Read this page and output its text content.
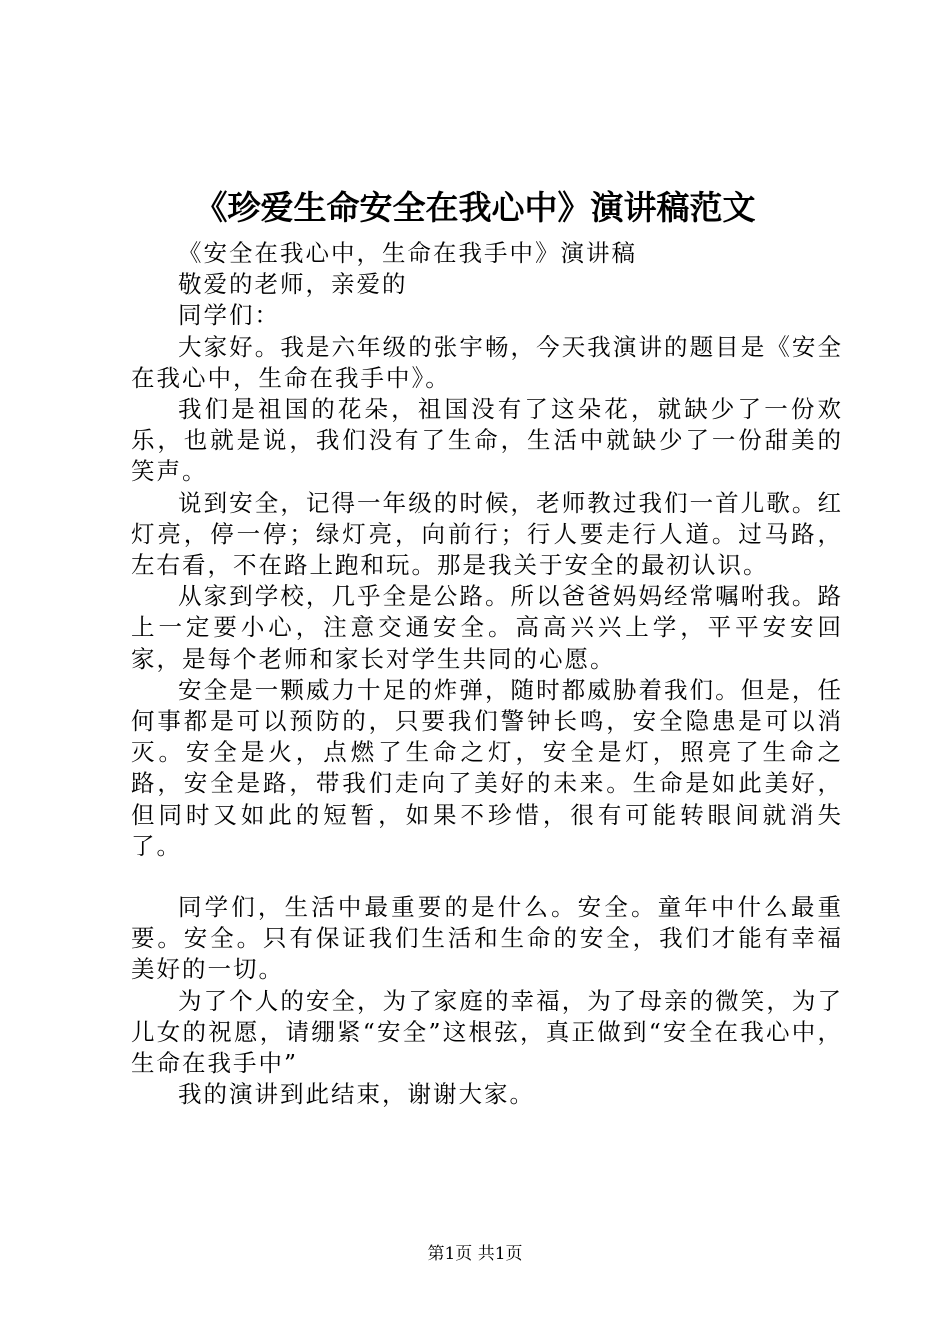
《珍爱生命安全在我心中》演讲稿范文

《安全在我心中，生命在我手中》演讲稿

敬爱的老师，亲爱的

同学们：

大家好。我是六年级的张宇畅，今天我演讲的题目是《安全在我心中，生命在我手中》。

我们是祖国的花朵，祖国没有了这朵花，就缺少了一份欢乐，也就是说，我们没有了生命，生活中就缺少了一份甜美的笑声。

说到安全，记得一年级的时候，老师教过我们一首儿歌。红灯亮，停一停；绿灯亮，向前行；行人要走行人道。过马路，左右看，不在路上跑和玩。那是我关于安全的最初认识。

从家到学校，几乎全是公路。所以爸爸妈妈经常嘱咐我。路上一定要小心，注意交通安全。高高兴兴上学，平平安安回家，是每个老师和家长对学生共同的心愿。

安全是一颗威力十足的炸弹，随时都威胁着我们。但是，任何事都是可以预防的，只要我们警钟长鸣，安全隐患是可以消灭。安全是火，点燃了生命之灯，安全是灯，照亮了生命之路，安全是路，带我们走向了美好的未来。生命是如此美好，但同时又如此的短暂，如果不珍惜，很有可能转眼间就消失了。

同学们，生活中最重要的是什么。安全。童年中什么最重要。安全。只有保证我们生活和生命的安全，我们才能有幸福美好的一切。

为了个人的安全，为了家庭的幸福，为了母亲的微笑，为了儿女的祝愿，请绷紧“安全”这根弦，真正做到“安全在我心中，生命在我手中”

我的演讲到此结束，谢谢大家。

第1页 共1页
